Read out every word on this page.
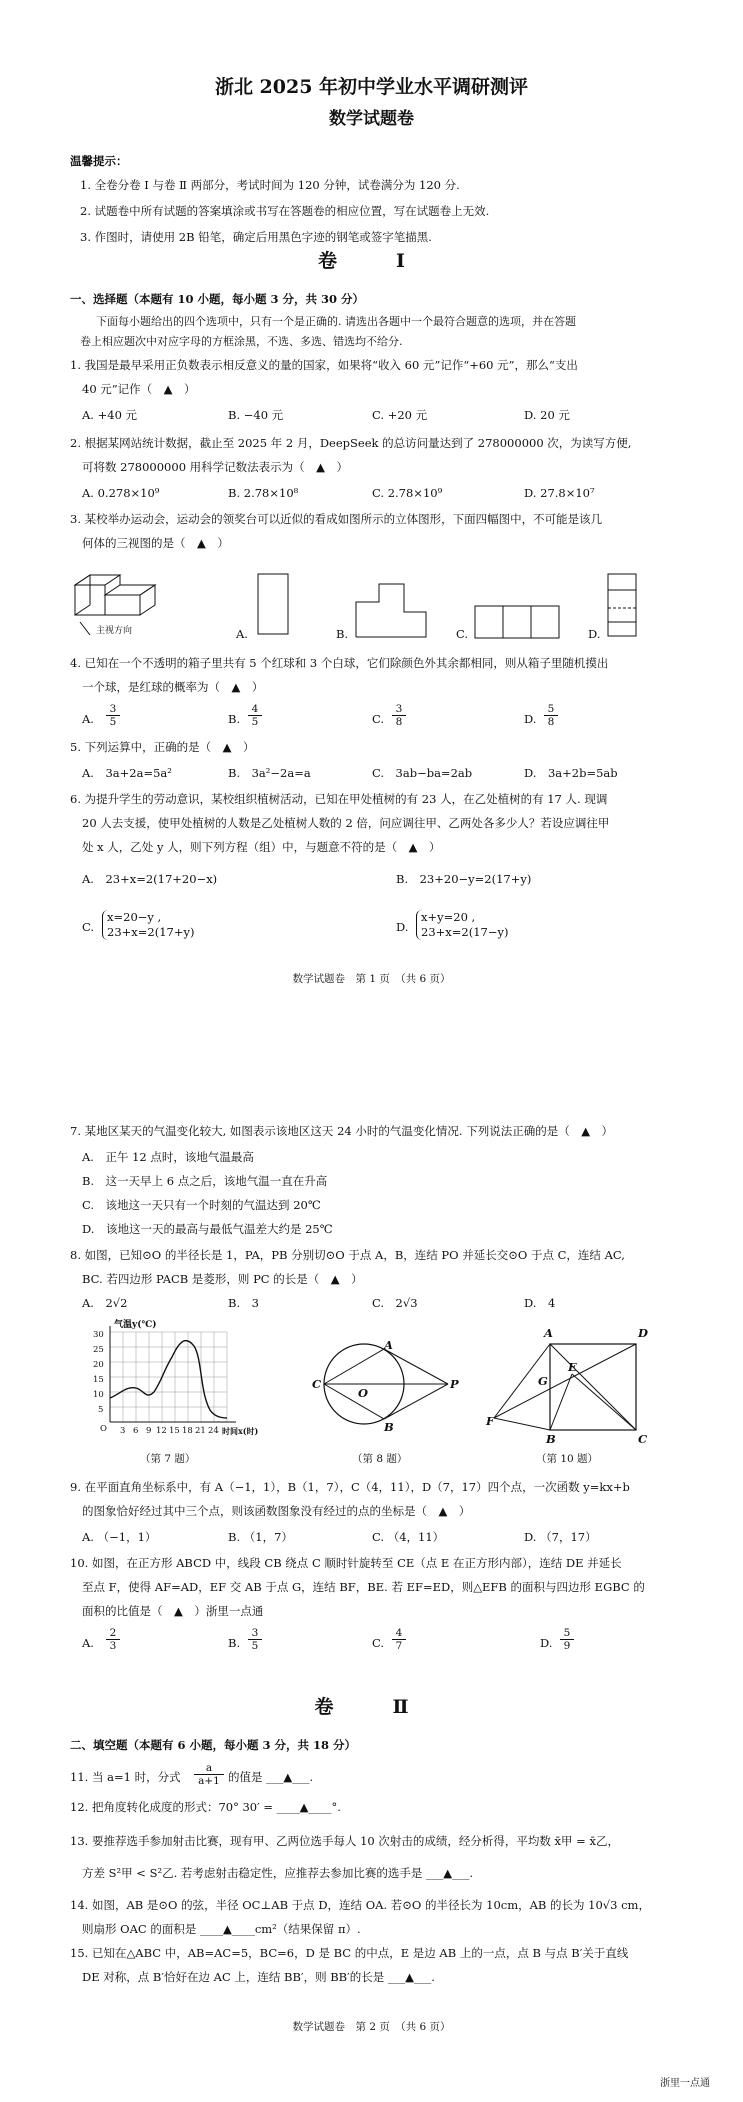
浙北 2025 年初中学业水平调研测评
数学试题卷
温馨提示：
1. 全卷分卷 Ⅰ 与卷 Ⅱ 两部分，考试时间为 120 分钟，试卷满分为 120 分.
2. 试题卷中所有试题的答案填涂或书写在答题卷的相应位置，写在试题卷上无效.
3. 作图时，请使用 2B 铅笔，确定后用黑色字迹的钢笔或签字笔描黑.
卷　Ⅰ
一、选择题（本题有 10 小题，每小题 3 分，共 30 分）
下面每小题给出的四个选项中，只有一个是正确的. 请选出各题中一个最符合题意的选项，并在答题
卷上相应题次中对应字母的方框涂黑，不选、多选、错选均不给分.
1. 我国是最早采用正负数表示相反意义的量的国家，如果将“收入 60 元”记作“+60 元”，那么“支出
40 元”记作（　▲　）
A. +40 元	B. −40 元	C. +20 元	D. 20 元
2. 根据某网站统计数据，截止至 2025 年 2 月，DeepSeek 的总访问量达到了 278000000 次，为读写方便,
可将数 278000000 用科学记数法表示为（　▲　）
A. 0.278×10⁹	B. 2.78×10⁸	C. 2.78×10⁹	D. 27.8×10⁷
3. 某校举办运动会，运动会的领奖台可以近似的看成如图所示的立体图形，下面四幅图中，不可能是该几
何体的三视图的是（　▲　）
主视方向	A.	B.	C.	D.
4. 已知在一个不透明的箱子里共有 5 个红球和 3 个白球，它们除颜色外其余都相同，则从箱子里随机摸出
一个球，是红球的概率为（　▲　）
A. $\frac{3}{5}$	B. $\frac{4}{5}$	C. $\frac{3}{8}$	D. $\frac{5}{8}$
5. 下列运算中，正确的是（　▲　）
A.　3a+2a=5a²	B.　3a²−2a=a	C.　3ab−ba=2ab	D.　3a+2b=5ab
6. 为提升学生的劳动意识，某校组织植树活动，已知在甲处植树的有 23 人，在乙处植树的有 17 人. 现调
20 人去支援，使甲处植树的人数是乙处植树人数的 2 倍，问应调往甲、乙两处各多少人？若设应调往甲
处 x 人，乙处 y 人，则下列方程（组）中，与题意不符的是（　▲　）
A.　23+x=2(17+20−x)	B.　23+20−y=2(17+y)
C.
x=20−y ,
23+x=2(17+y)	D.
x+y=20 ,
23+x=2(17−y)
数学试题卷　第 1 页　（共 6 页）
7. 某地区某天的气温变化较大, 如图表示该地区这天 24 小时的气温变化情况. 下列说法正确的是（　▲　）
A.　正午 12 点时，该地气温最高
B.　这一天早上 6 点之后，该地气温一直在升高
C.　该地这一天只有一个时刻的气温达到 20℃
D.　该地这一天的最高与最低气温差大约是 25℃
8. 如图，已知⊙O 的半径长是 1，PA，PB 分别切⊙O 于点 A，B，连结 PO 并延长交⊙O 于点 C，连结 AC,
BC. 若四边形 PACB 是菱形，则 PC 的长是（　▲　）
A.　2√2	B.　3	C.　2√3	D.　4
气温y(℃)
30
25
20
15
10
5
O 3 6 9 12 15 18 21 24 时间x(时)
（第 7 题）
A
B
C
O
P
（第 8 题）
A	D
B	C
E
F
G
（第 10 题）
9. 在平面直角坐标系中，有 A（−1，1），B（1，7），C（4，11），D（7，17）四个点，一次函数 y=kx+b
的图象恰好经过其中三个点，则该函数图象没有经过的点的坐标是（　▲　）
A. （−1，1）	B. （1，7）	C. （4，11）	D. （7，17）
10. 如图，在正方形 ABCD 中，线段 CB 绕点 C 顺时针旋转至 CE（点 E 在正方形内部），连结 DE 并延长
至点 F，使得 AF=AD，EF 交 AB 于点 G，连结 BF，BE. 若 EF=ED，则△EFB 的面积与四边形 EGBC 的
面积的比值是（　▲　）浙里一点通
A. $\frac{2}{3}$	B. $\frac{3}{5}$	C. $\frac{4}{7}$	D. $\frac{5}{9}$
卷　Ⅱ
二、填空题（本题有 6 小题，每小题 3 分，共 18 分）
11. 当 a=1 时，分式 $\frac{a}{a+1}$ 的值是 ___▲___.
12. 把角度转化成度的形式：70° 30′ = ____▲____°.
13. 要推荐选手参加射击比赛，现有甲、乙两位选手每人 10 次射击的成绩，经分析得，平均数 x̄甲 = x̄乙，
方差 S²甲 < S²乙. 若考虑射击稳定性，应推荐去参加比赛的选手是 ___▲___.
14. 如图，AB 是⊙O 的弦，半径 OC⊥AB 于点 D，连结 OA. 若⊙O 的半径长为 10cm，AB 的长为 10√3 cm，
则扇形 OAC 的面积是 ____▲____cm²（结果保留 π）.
15. 已知在△ABC 中，AB=AC=5，BC=6，D 是 BC 的中点，E 是边 AB 上的一点，点 B 与点 B′关于直线
DE 对称，点 B′恰好在边 AC 上，连结 BB′，则 BB′的长是 ___▲___.
数学试题卷　第 2 页　（共 6 页）
浙里一点通
